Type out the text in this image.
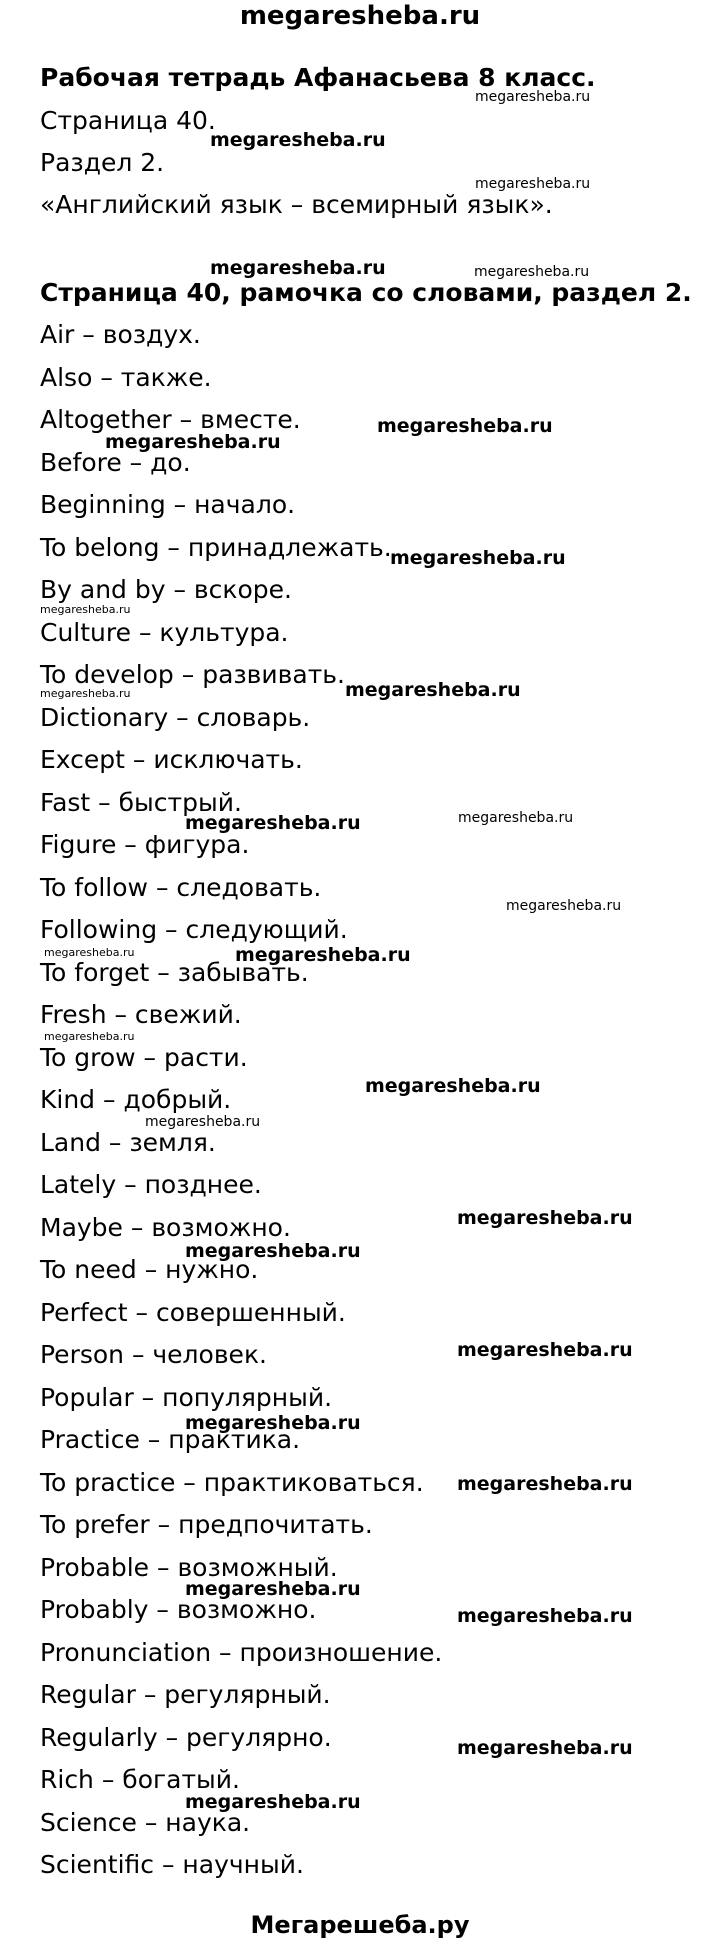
megaresheba.ru
Рабочая тетрадь Афанасьева 8 класс.
Страница 40.
Раздел 2.
«Английский язык – всемирный язык».
Страница 40, рамочка со словами, раздел 2.
Air – воздух.
Also – также.
Altogether – вместе.
Before – до.
Beginning – начало.
To belong – принадлежать.
By and by – вскоре.
Culture – культура.
To develop – развивать.
Dictionary – словарь.
Except – исключать.
Fast – быстрый.
Figure – фигура.
To follow – следовать.
Following – следующий.
To forget – забывать.
Fresh – свежий.
To grow – расти.
Kind – добрый.
Land – земля.
Lately – позднее.
Maybe – возможно.
To need – нужно.
Perfect – совершенный.
Person – человек.
Popular – популярный.
Practice – практика.
To practice – практиковаться.
To prefer – предпочитать.
Probable – возможный.
Probably – возможно.
Pronunciation – произношение.
Regular – регулярный.
Regularly – регулярно.
Rich – богатый.
Science – наука.
Scientific – научный.
megaresheba.ru
megaresheba.ru
megaresheba.ru
megaresheba.ru	megaresheba.ru
megaresheba.ru
megaresheba.ru
megaresheba.ru
megaresheba.ru
megaresheba.ru
megaresheba.ru
megaresheba.ru
megaresheba.ru
megaresheba.ru
megaresheba.ru	megaresheba.ru
megaresheba.ru
megaresheba.ru
megaresheba.ru
megaresheba.ru
megaresheba.ru
megaresheba.ru
megaresheba.ru
megaresheba.ru
megaresheba.ru
megaresheba.ru
megaresheba.ru
megaresheba.ru
Мегарешеба.ру
